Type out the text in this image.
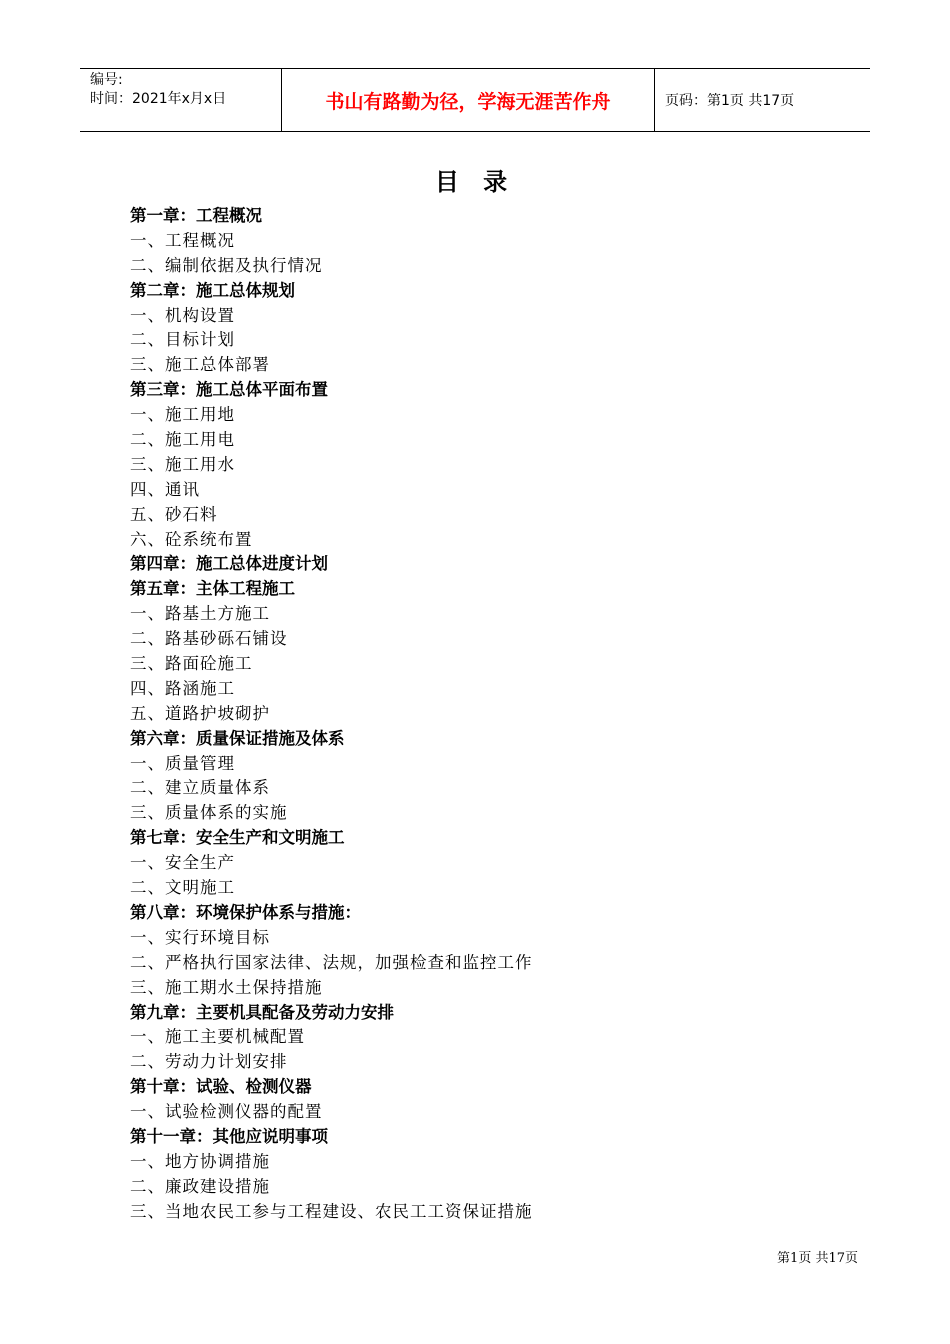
编号:
时间：2021年x月x日	书山有路勤为径，学海无涯苦作舟	页码：第1页 共17页
目 录
第一章：工程概况
一、工程概况
二、编制依据及执行情况
第二章：施工总体规划
一、机构设置
二、目标计划
三、施工总体部署
第三章：施工总体平面布置
一、施工用地
二、施工用电
三、施工用水
四、通讯
五、砂石料
六、砼系统布置
第四章：施工总体进度计划
第五章：主体工程施工
一、路基土方施工
二、路基砂砾石铺设
三、路面砼施工
四、路涵施工
五、道路护坡砌护
第六章：质量保证措施及体系
一、质量管理
二、建立质量体系
三、质量体系的实施
第七章：安全生产和文明施工
一、安全生产
二、文明施工
第八章：环境保护体系与措施：
一、实行环境目标
二、严格执行国家法律、法规，加强检查和监控工作
三、施工期水土保持措施
第九章：主要机具配备及劳动力安排
一、施工主要机械配置
二、劳动力计划安排
第十章：试验、检测仪器
一、试验检测仪器的配置
第十一章：其他应说明事项
一、地方协调措施
二、廉政建设措施
三、当地农民工参与工程建设、农民工工资保证措施
第1页 共17页
